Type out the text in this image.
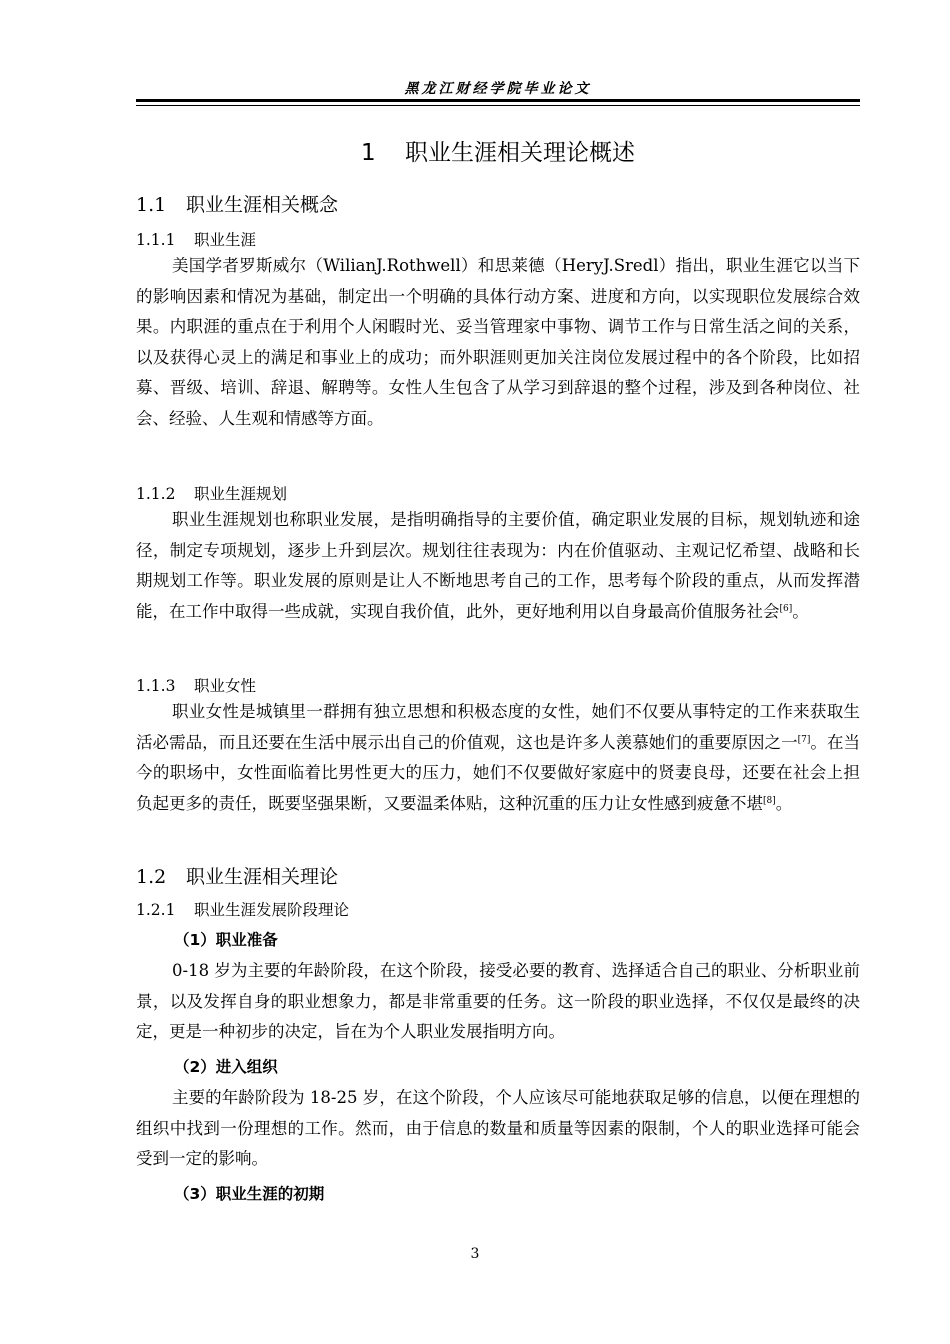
黑龙江财经学院毕业论文
1 职业生涯相关理论概述
1.1 职业生涯相关概念
1.1.1 职业生涯

美国学者罗斯威尔（WilianJ.Rothwell）和思莱德（HeryJ.Sredl）指出，职业生涯它以当下的影响因素和情况为基础，制定出一个明确的具体行动方案、进度和方向，以实现职位发展综合效果。内职涯的重点在于利用个人闲暇时光、妥当管理家中事物、调节工作与日常生活之间的关系，以及获得心灵上的满足和事业上的成功；而外职涯则更加关注岗位发展过程中的各个阶段，比如招募、晋级、培训、辞退、解聘等。女性人生包含了从学习到辞退的整个过程，涉及到各种岗位、社会、经验、人生观和情感等方面。

1.1.2 职业生涯规划

职业生涯规划也称职业发展，是指明确指导的主要价值，确定职业发展的目标，规划轨迹和途径，制定专项规划，逐步上升到层次。规划往往表现为：内在价值驱动、主观记忆希望、战略和长期规划工作等。职业发展的原则是让人不断地思考自己的工作，思考每个阶段的重点，从而发挥潜能，在工作中取得一些成就，实现自我价值，此外，更好地利用以自身最高价值服务社会[6]。

1.1.3 职业女性

职业女性是城镇里一群拥有独立思想和积极态度的女性，她们不仅要从事特定的工作来获取生活必需品，而且还要在生活中展示出自己的价值观，这也是许多人羡慕她们的重要原因之一[7]。在当今的职场中，女性面临着比男性更大的压力，她们不仅要做好家庭中的贤妻良母，还要在社会上担负起更多的责任，既要坚强果断，又要温柔体贴，这种沉重的压力让女性感到疲惫不堪[8]。

1.2 职业生涯相关理论
1.2.1 职业生涯发展阶段理论
（1）职业准备

0-18 岁为主要的年龄阶段，在这个阶段，接受必要的教育、选择适合自己的职业、分析职业前景，以及发挥自身的职业想象力，都是非常重要的任务。这一阶段的职业选择，不仅仅是最终的决定，更是一种初步的决定，旨在为个人职业发展指明方向。

（2）进入组织

主要的年龄阶段为 18-25 岁，在这个阶段，个人应该尽可能地获取足够的信息，以便在理想的组织中找到一份理想的工作。然而，由于信息的数量和质量等因素的限制，个人的职业选择可能会受到一定的影响。

（3）职业生涯的初期
3
